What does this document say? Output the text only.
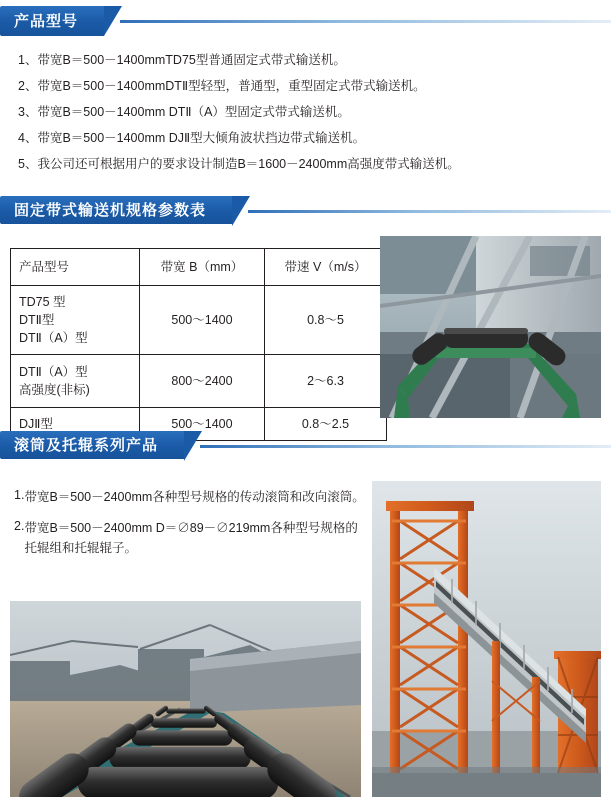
产品型号
1、 带宽B＝500－1400mmTD75型普通固定式带式输送机。
2、 带宽B＝500－1400mmDTⅡ型轻型，普通型，重型固定式带式输送机。
3、 带宽B＝500－1400mm DTⅡ（A）型固定式带式输送机。
4、 带宽B＝500－1400mm DJⅡ型大倾角波状挡边带式输送机。
5、 我公司还可根据用户的要求设计制造B＝1600－2400mm高强度带式输送机。
固定带式输送机规格参数表
产品型号	带宽 B（mm）	带速 V（m/s）

TD75 型
DTⅡ型
DTⅡ（A）型	500～1400	0.8～5

DTⅡ（A）型
高强度(非标)	800～2400	2～6.3
DJⅡ型	500～1400	0.8～2.5
滚筒及托辊系列产品
1. 带宽B＝500－2400mm各种型号规格的传动滚筒和改向滚筒。
2. 带宽B＝500－2400mm D＝∅89－∅219mm各种型号规格的托辊组和托辊辊子。
